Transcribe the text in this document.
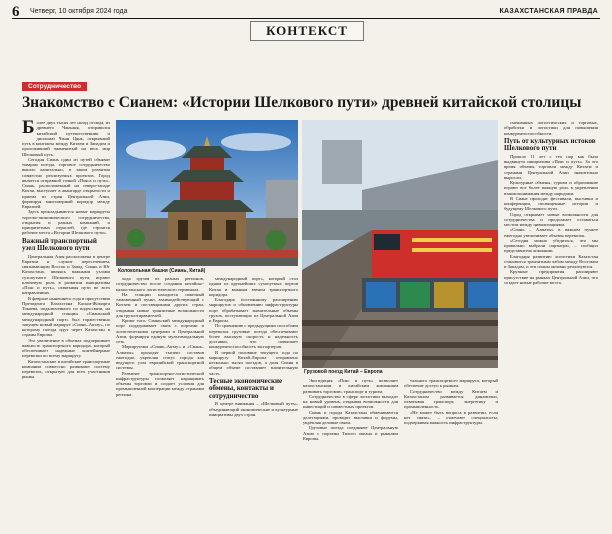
6 Четверг, 10 октября 2024 года	КАЗАХСТАНСКАЯ ПРАВДА
КОНТЕКСТ
Сотрудничество
Знакомство с Сианем: «Истории Шелкового пути» древней китайской столицы

Более двух тысяч лет назад отсюда, из древнего Чанъаня, отправился китайский путешественник и дипломат Чжан Цянь, открывший путь в контакты между Китаем и Западом и проложивший знаменитый на весь мир Шелковый путь.

Сегодня Сиань один из путей объявит товарам поезда, торговое сотрудничество вышло капитально, в таком развитии совместно реализуемых проектов. Город является отправной точкой «Пояса и пути». Сиань, расположенный на северо-западе Китая, выступает в авангарде открытости и приема из стран Центральной Азии, формируя многомерный коридор между Евразией.

Здесь прокладываются новые маршруты торгово-экономического сотрудничества, открытия и разных компаний, и приоритетных отраслей, где строятся рабочие места «Истории Шелкового пути».

Важный транспортный узел Шелкового пути

Центральная Азия расположена в центре Евразии и служит пересечением, связывающим Восток и Запад. Сиань и Юг Казахстана, являясь важными узлами сухопутного Шелкового пути, играют ключевую роль в развитии инициативы «Пояс и путь», охватывая пути во всех направлениях.

В феврале нынешнего года в присутствии Президента Казахстана Касым-Жомарта Токаева, подключенного по видеосвязи, на международной станции «Сианьский международный порт» был торжественно запущен новый маршрут «Сиань–Актау», по которому поезда идут через Казахстан в страны Европы.

Это увеличение в объемах подчеркивает важность транспортного коридора, который обеспечивает надежные контейнерные перевозки по всему маршруту.

Казахстанские и китайские транспортные компании совместно развивают систему перевозок, открытую для всех участников рынка.

Колокольная башня (Сиань, Китай)
Грузовой поезд Китай – Европа

хода грузов из разных регионов, сотрудничество после создания китайско-казахстанского логистического терминала.

На станции находится пакетный таможенный пункт, взаимодействующий с Китаем и поставщиками других стран, открывая новые транзитные возможности для грузоотправителей.

Кроме того, Сианьский международный порт поддерживает связь с портами и логистическими центрами в Центральной Азии, формируя единую мультимодальную сеть.

Маршрутами «Сиань–Актау» и «Сиань–Алматы» проходят тысячи составов ежегодно, укрепляя статус города как ведущего узла евразийской транспортной системы.

Развитие транспортно-логистической инфраструктуры позволяет наращивать объемы торговли и создает условия для промышленной кооперации между странами региона.

международный порт», который стал одним из крупнейших сухопутных портов Китая и важным звеном транспортного коридора.

Благодаря постоянному расширению маршрутов и обновлению инфраструктуры порт обрабатывает значительные объемы грузов, поступающих из Центральной Азии и Европы.

По сравнению с предыдущими способами перевозок грузовые поезда обеспечивают более высокую скорость и надежность доставки, что повышает конкурентоспособность экспортеров.

В первой половине текущего года по маршруту Китай–Европа отправлено несколько тысяч поездов, а доля Сианя в общем объеме составляет значительную часть.

Тесные экономические обмены, контакты и сотрудничество

В центре внимания – «Шелковый путь», объединяющий экономические и культурные инициативы двух стран.

Экспедиция «Пояс и путь» позволяет казахстанским и китайским компаниям развивать торговлю, транспорт и туризм.

Сотрудничество в сфере логистики выходит на новый уровень, открывая возможности для инвестиций и совместных проектов.

Сиань и города Казахстана обмениваются делегациями, проводят выставки и форумы, укрепляя деловые связи.

Грузовые поезда соединяют Центральную Азию с портами Тихого океана и рынками Европы.

тального транспортного маршрута, который обеспечит доступ к рынкам.

Сотрудничество между Китаем и Казахстаном развивается динамично, охватывая транспорт, энергетику и промышленность.

«Не может быть вопроса в развитии, если нет связи», – отмечают специалисты, подчеркивая важность инфраструктуры.

смешанных логистических и торговых, обработки и логистики для повышения конкурентоспособности.

Путь от культурных истоков Шелкового пути

Прошло 11 лет с тех пор как была выдвинута инициатива «Пояс и путь». За это время объемы торговли между Китаем и странами Центральной Азии значительно выросли.

Культурные обмены, туризм и образование играют все более важную роль в укреплении взаимопонимания между народами.

В Сиане проходят фестивали, выставки и конференции, посвященные истории и будущему Шелкового пути.

Город открывает новые возможности для сотрудничества и продолжает оставаться мостом между цивилизациями.

«Сиань – Алматы» в важном пункте ежегодно увеличивает объемы перевозок.

«Сегодня можно убедиться, что мы правильно выбрали партнера», – сообщил представитель компании.

Благодаря развитию логистики Казахстан становится транзитным хабом между Востоком и Западом, и эти планы активно реализуются.

Крупные предприятия расширяют присутствие на рынках Центральной Азии, что создает новые рабочие места.
